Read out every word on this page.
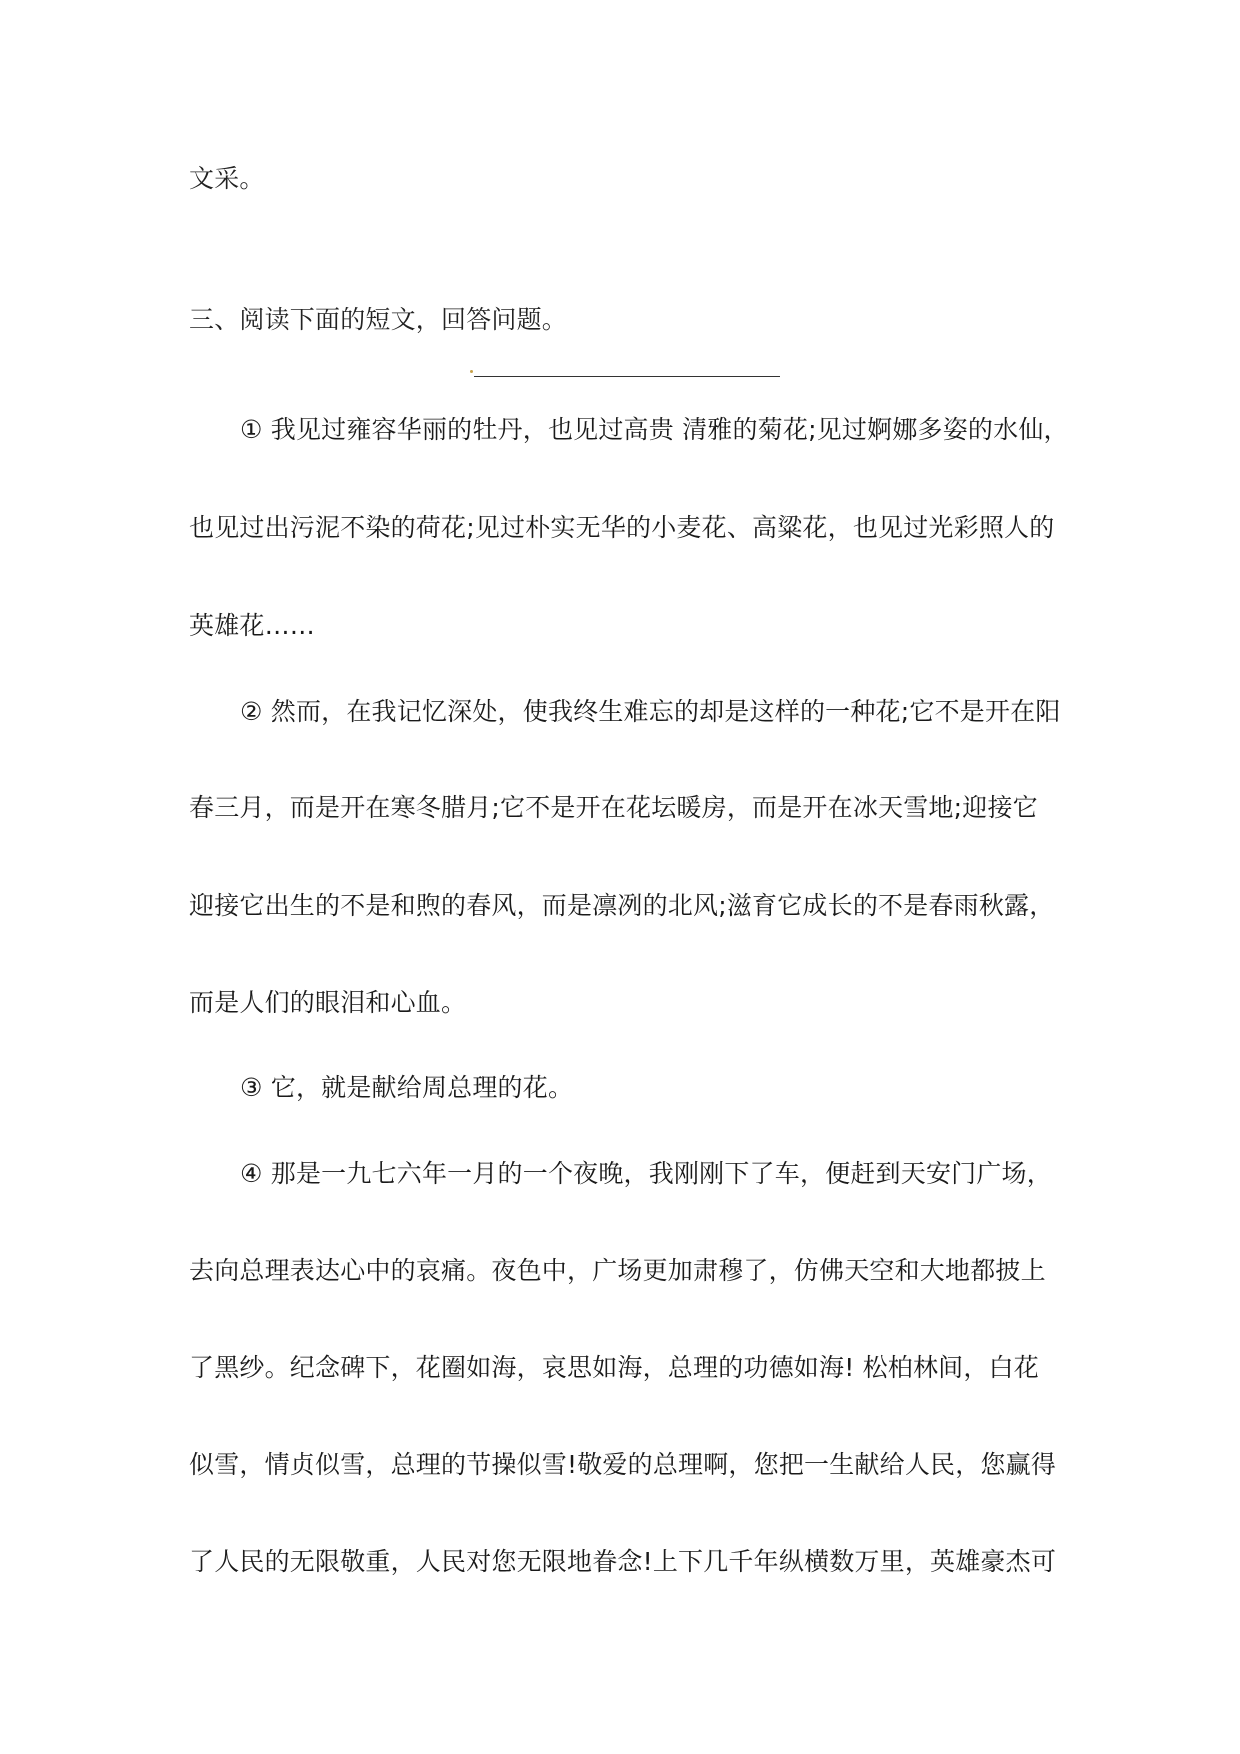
文采。
三、阅读下面的短文，回答问题。
① 我见过雍容华丽的牡丹，也见过高贵 清雅的菊花;见过婀娜多姿的水仙，
也见过出污泥不染的荷花;见过朴实无华的小麦花、高粱花，也见过光彩照人的
英雄花……
② 然而，在我记忆深处，使我终生难忘的却是这样的一种花;它不是开在阳
春三月，而是开在寒冬腊月;它不是开在花坛暖房，而是开在冰天雪地;迎接它
迎接它出生的不是和煦的春风，而是凛冽的北风;滋育它成长的不是春雨秋露，
而是人们的眼泪和心血。
③ 它，就是献给周总理的花。
④ 那是一九七六年一月的一个夜晚，我刚刚下了车，便赶到天安门广场，
去向总理表达心中的哀痛。夜色中，广场更加肃穆了，仿佛天空和大地都披上
了黑纱。纪念碑下，花圈如海，哀思如海，总理的功德如海! 松柏林间，白花
似雪，情贞似雪，总理的节操似雪!敬爱的总理啊，您把一生献给人民，您赢得
了人民的无限敬重，人民对您无限地眷念!上下几千年纵横数万里，英雄豪杰可
